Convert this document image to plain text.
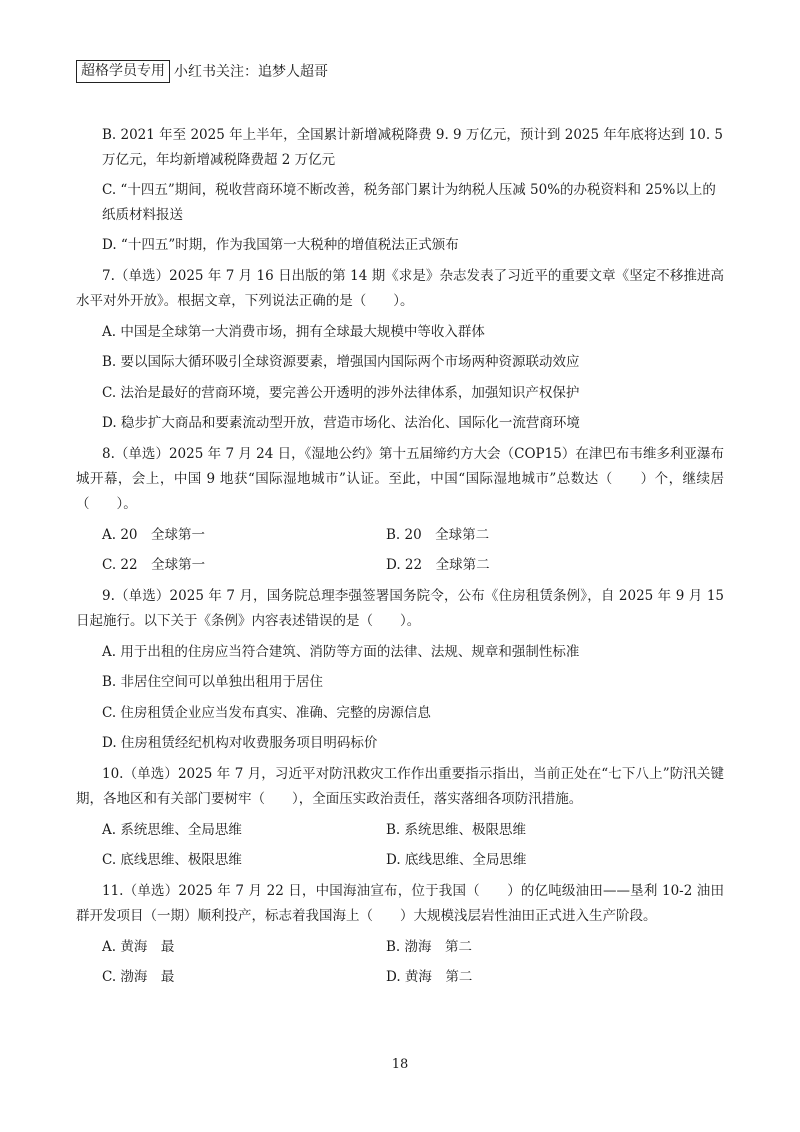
超格学员专用 小红书关注：追梦人超哥
B. 2021 年至 2025 年上半年，全国累计新增减税降费 9. 9 万亿元，预计到 2025 年年底将达到 10. 5 万亿元，年均新增减税降费超 2 万亿元
C. “十四五”期间，税收营商环境不断改善，税务部门累计为纳税人压减 50%的办税资料和 25%以上的纸质材料报送
D. “十四五”时期，作为我国第一大税种的增值税法正式颁布
7.（单选）2025 年 7 月 16 日出版的第 14 期《求是》杂志发表了习近平的重要文章《坚定不移推进高水平对外开放》。根据文章，下列说法正确的是（　　）。
A. 中国是全球第一大消费市场，拥有全球最大规模中等收入群体
B. 要以国际大循环吸引全球资源要素，增强国内国际两个市场两种资源联动效应
C. 法治是最好的营商环境，要完善公开透明的涉外法律体系，加强知识产权保护
D. 稳步扩大商品和要素流动型开放，营造市场化、法治化、国际化一流营商环境
8.（单选）2025 年 7 月 24 日，《湿地公约》第十五届缔约方大会（COP15）在津巴布韦维多利亚瀑布城开幕，会上，中国 9 地获“国际湿地城市”认证。至此，中国“国际湿地城市”总数达（　　）个，继续居（　　）。
A. 20　全球第一	B. 20　全球第二
C. 22　全球第一	D. 22　全球第二
9.（单选）2025 年 7 月，国务院总理李强签署国务院令，公布《住房租赁条例》，自 2025 年 9 月 15 日起施行。以下关于《条例》内容表述错误的是（　　）。
A. 用于出租的住房应当符合建筑、消防等方面的法律、法规、规章和强制性标准
B. 非居住空间可以单独出租用于居住
C. 住房租赁企业应当发布真实、准确、完整的房源信息
D. 住房租赁经纪机构对收费服务项目明码标价
10.（单选）2025 年 7 月，习近平对防汛救灾工作作出重要指示指出，当前正处在“七下八上”防汛关键期，各地区和有关部门要树牢（　　），全面压实政治责任，落实落细各项防汛措施。
A. 系统思维、全局思维	B. 系统思维、极限思维
C. 底线思维、极限思维	D. 底线思维、全局思维
11.（单选）2025 年 7 月 22 日，中国海油宣布，位于我国（　　）的亿吨级油田——垦利 10-2 油田群开发项目（一期）顺利投产，标志着我国海上（　　）大规模浅层岩性油田正式进入生产阶段。
A. 黄海　最	B. 渤海　第二
C. 渤海　最	D. 黄海　第二
18
